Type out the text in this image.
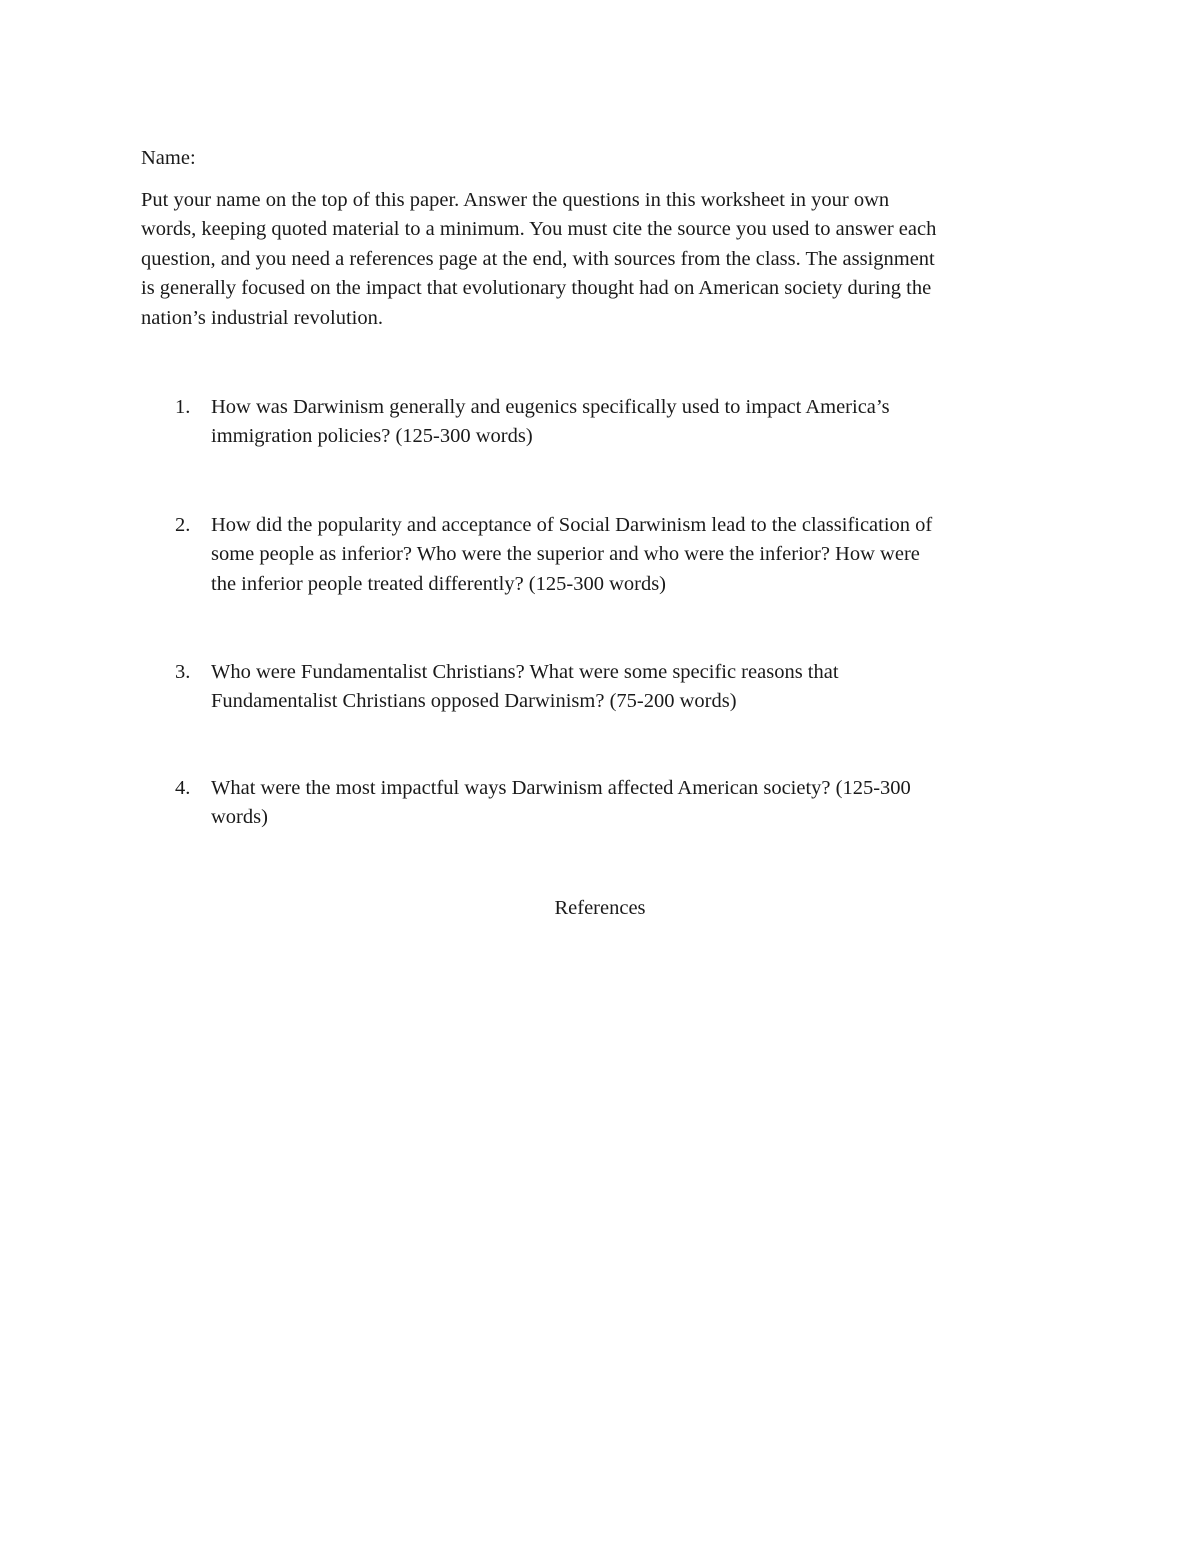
Name:

Put your name on the top of this paper. Answer the questions in this worksheet in your own
words, keeping quoted material to a minimum. You must cite the source you used to answer each
question, and you need a references page at the end, with sources from the class. The assignment
is generally focused on the impact that evolutionary thought had on American society during the
nation’s industrial revolution.

1. How was Darwinism generally and eugenics specifically used to impact America’s
immigration policies? (125-300 words)
2. How did the popularity and acceptance of Social Darwinism lead to the classification of
some people as inferior? Who were the superior and who were the inferior? How were
the inferior people treated differently? (125-300 words)
3. Who were Fundamentalist Christians? What were some specific reasons that
Fundamentalist Christians opposed Darwinism? (75-200 words)
4. What were the most impactful ways Darwinism affected American society? (125-300
words)
References
